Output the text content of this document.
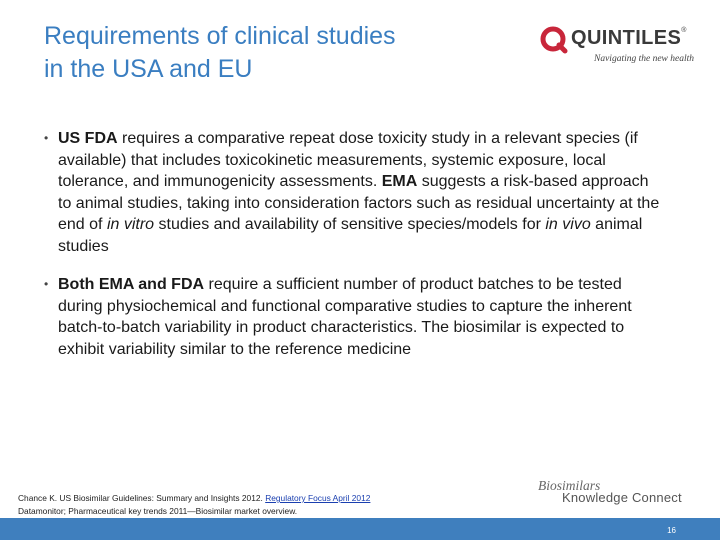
Requirements of clinical studies
in the USA and EU
QUINTILES®
Navigating the new health
• US FDA requires a comparative repeat dose toxicity study in a relevant species (if available) that includes toxicokinetic measurements, systemic exposure, local tolerance, and immunogenicity assessments. EMA suggests a risk-based approach to animal studies, taking into consideration factors such as residual uncertainty at the end of in vitro studies and availability of sensitive species/models for in vivo animal studies
• Both EMA and FDA require a sufficient number of product batches to be tested during physiochemical and functional comparative studies to capture the inherent batch-to-batch variability in product characteristics. The biosimilar is expected to exhibit variability similar to the reference medicine
Chance K. US Biosimilar Guidelines: Summary and Insights 2012. Regulatory Focus April 2012
Datamonitor; Pharmaceutical key trends 2011—Biosimilar market overview.
Biosimilars
Knowledge Connect
16
